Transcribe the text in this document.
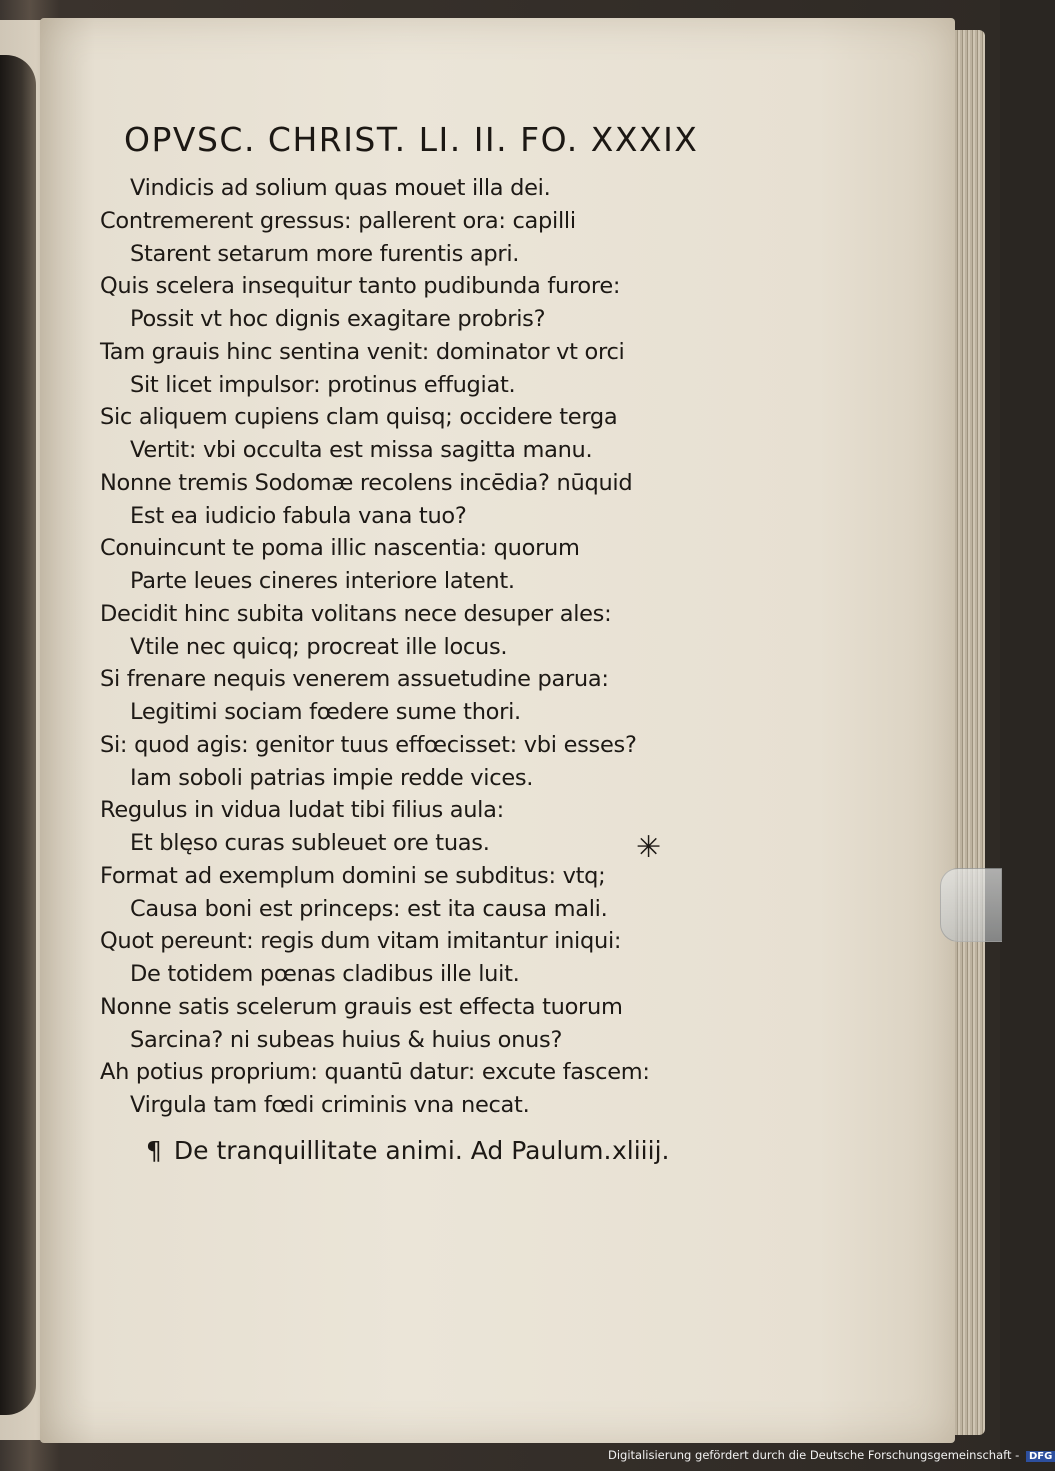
OPVSC. CHRIST. LI. II. FO. XXXIX
Vindicis ad solium quas mouet illa dei.
Contremerent gressus: pallerent ora: capilli
Starent setarum more furentis apri.
Quis scelera insequitur tanto pudibunda furore:
Possit vt hoc dignis exagitare probris?
Tam grauis hinc sentina venit: dominator vt orci
Sit licet impulsor: protinus effugiat.
Sic aliquem cupiens clam quisq; occidere terga
Vertit: vbi occulta est missa sagitta manu.
Nonne tremis Sodomæ recolens incēdia? nūquid
Est ea iudicio fabula vana tuo?
Conuincunt te poma illic nascentia: quorum
Parte leues cineres interiore latent.
Decidit hinc subita volitans nece desuper ales:
Vtile nec quicq; procreat ille locus.
Si frenare nequis venerem assuetudine parua:
Legitimi sociam fœdere sume thori.
Si: quod agis: genitor tuus effœcisset: vbi esses?
Iam soboli patrias impie redde vices.
Regulus in vidua ludat tibi filius aula:
Et blęso curas subleuet ore tuas.
Format ad exemplum domini se subditus: vtq;
Causa boni est princeps: est ita causa mali.
Quot pereunt: regis dum vitam imitantur iniqui:
De totidem pœnas cladibus ille luit.
Nonne satis scelerum grauis est effecta tuorum
Sarcina? ni subeas huius & huius onus?
Ah potius proprium: quantū datur: excute fascem:
Virgula tam fœdi criminis vna necat.
✳
¶ De tranquillitate animi. Ad Paulum. xliiij.
Digitalisierung gefördert durch die Deutsche Forschungsgemeinschaft - DFG
